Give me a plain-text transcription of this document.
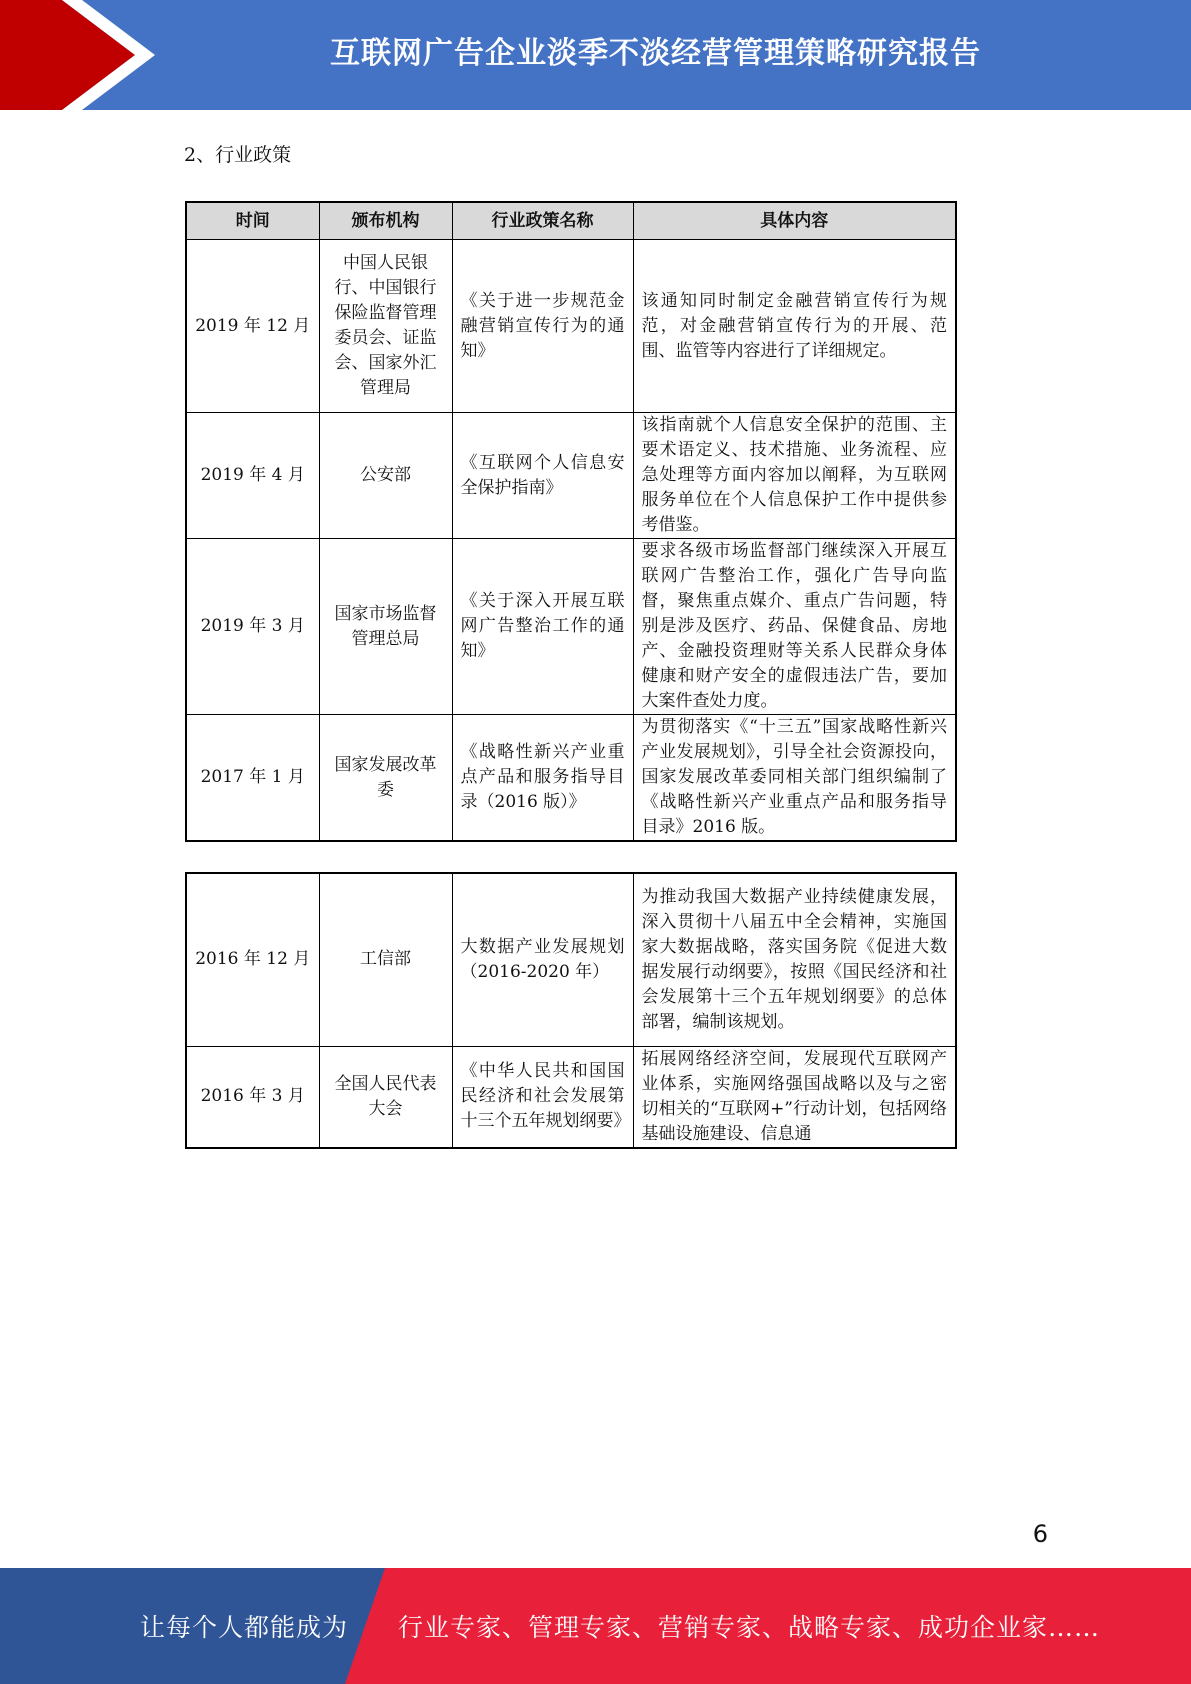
互联网广告企业淡季不淡经营管理策略研究报告
2、行业政策
时间	颁布机构	行业政策名称	具体内容
2019 年 12 月	中国人民银行、中国银行保险监督管理委员会、证监会、国家外汇管理局	《关于进一步规范金融营销宣传行为的通知》	该通知同时制定金融营销宣传行为规范，对金融营销宣传行为的开展、范围、监管等内容进行了详细规定。
2019 年 4 月	公安部	《互联网个人信息安全保护指南》	该指南就个人信息安全保护的范围、主要术语定义、技术措施、业务流程、应急处理等方面内容加以阐释，为互联网服务单位在个人信息保护工作中提供参考借鉴。
2019 年 3 月	国家市场监督管理总局	《关于深入开展互联网广告整治工作的通知》	要求各级市场监督部门继续深入开展互联网广告整治工作，强化广告导向监督，聚焦重点媒介、重点广告问题，特别是涉及医疗、药品、保健食品、房地产、金融投资理财等关系人民群众身体健康和财产安全的虚假违法广告，要加大案件查处力度。
2017 年 1 月	国家发展改革委	《战略性新兴产业重点产品和服务指导目录（2016 版）》	为贯彻落实《“十三五”国家战略性新兴产业发展规划》，引导全社会资源投向，国家发展改革委同相关部门组织编制了《战略性新兴产业重点产品和服务指导目录》2016 版。
2016 年 12 月	工信部	大数据产业发展规划（2016-2020 年）	为推动我国大数据产业持续健康发展，深入贯彻十八届五中全会精神，实施国家大数据战略，落实国务院《促进大数据发展行动纲要》，按照《国民经济和社会发展第十三个五年规划纲要》的总体部署，编制该规划。
2016 年 3 月	全国人民代表大会	《中华人民共和国国民经济和社会发展第十三个五年规划纲要》	拓展网络经济空间，发展现代互联网产业体系，实施网络强国战略以及与之密切相关的“互联网+”行动计划，包括网络基础设施建设、信息通
6
让每个人都能成为 行业专家、管理专家、营销专家、战略专家、成功企业家……
